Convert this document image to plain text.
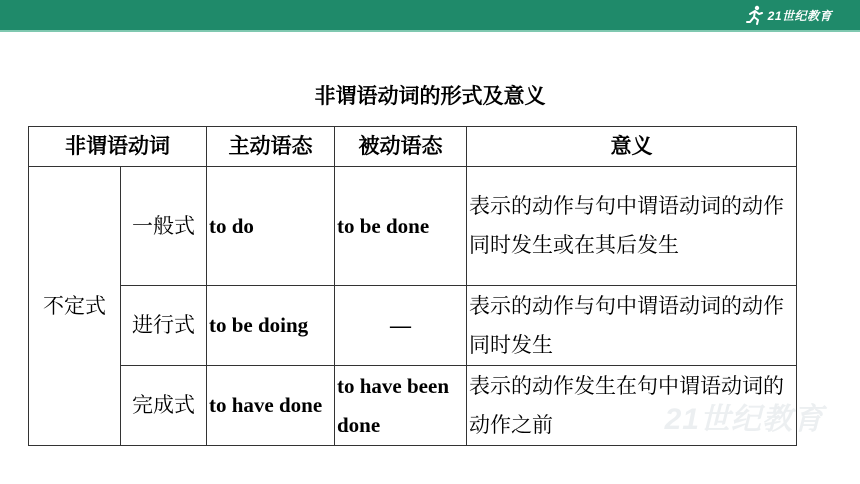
21世纪教育
非谓语动词的形式及意义
非谓语动词		主动语态	被动语态	意义
不定式	一般式	to do	to be done	表示的动作与句中谓语动词的动作同时发生或在其后发生
	进行式	to be doing	—	表示的动作与句中谓语动词的动作同时发生
	完成式	to have done	to have been done	表示的动作发生在句中谓语动词的动作之前	21世纪教育
